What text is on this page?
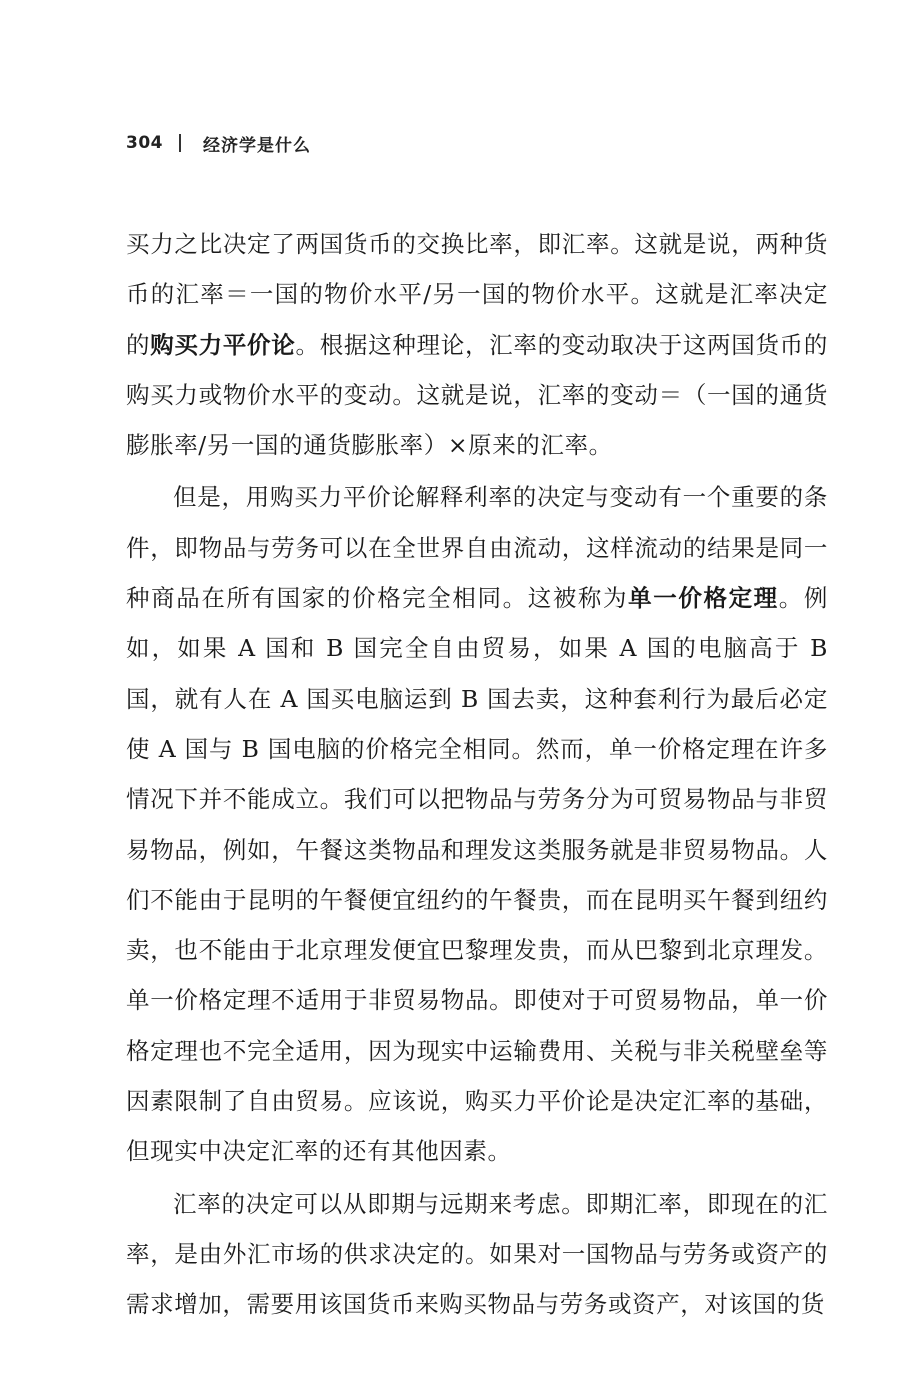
304 经济学是什么

买力之比决定了两国货币的交换比率，即汇率。这就是说，两种货币的汇率＝一国的物价水平/另一国的物价水平。这就是汇率决定的购买力平价论。根据这种理论，汇率的变动取决于这两国货币的购买力或物价水平的变动。这就是说，汇率的变动＝（一国的通货膨胀率/另一国的通货膨胀率）×原来的汇率。

但是，用购买力平价论解释利率的决定与变动有一个重要的条件，即物品与劳务可以在全世界自由流动，这样流动的结果是同一种商品在所有国家的价格完全相同。这被称为单一价格定理。例如，如果 A 国和 B 国完全自由贸易，如果 A 国的电脑高于 B 国，就有人在 A 国买电脑运到 B 国去卖，这种套利行为最后必定使 A 国与 B 国电脑的价格完全相同。然而，单一价格定理在许多情况下并不能成立。我们可以把物品与劳务分为可贸易物品与非贸易物品，例如，午餐这类物品和理发这类服务就是非贸易物品。人们不能由于昆明的午餐便宜纽约的午餐贵，而在昆明买午餐到纽约卖，也不能由于北京理发便宜巴黎理发贵，而从巴黎到北京理发。单一价格定理不适用于非贸易物品。即使对于可贸易物品，单一价格定理也不完全适用，因为现实中运输费用、关税与非关税壁垒等因素限制了自由贸易。应该说，购买力平价论是决定汇率的基础，但现实中决定汇率的还有其他因素。

汇率的决定可以从即期与远期来考虑。即期汇率，即现在的汇率，是由外汇市场的供求决定的。如果对一国物品与劳务或资产的需求增加，需要用该国货币来购买物品与劳务或资产，对该国的货
